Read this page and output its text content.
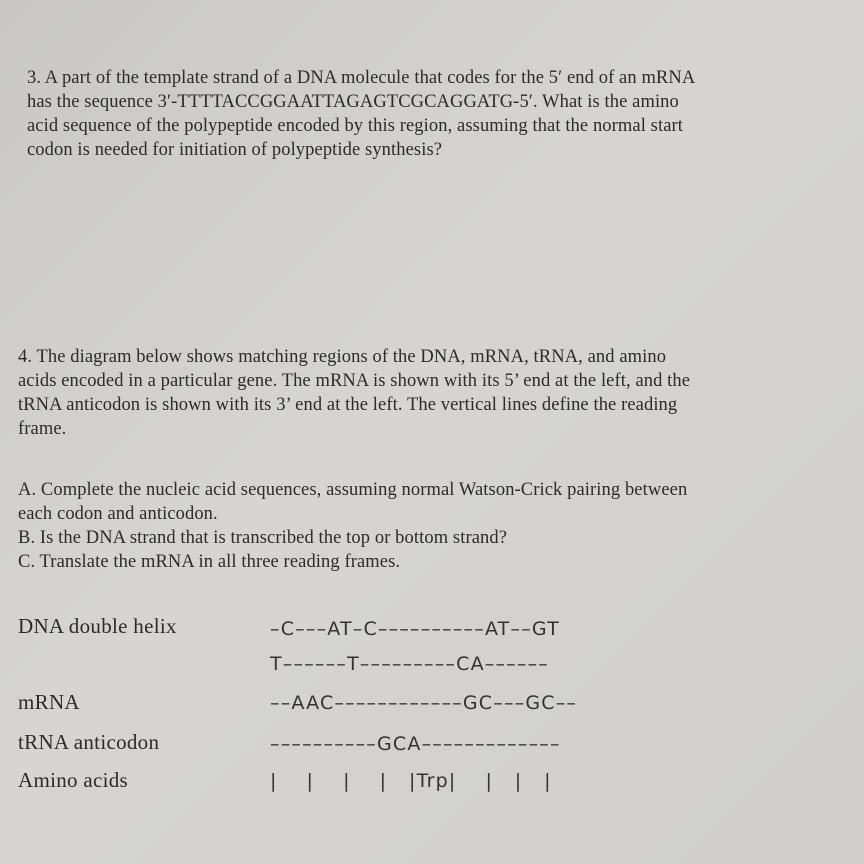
3. A part of the template strand of a DNA molecule that codes for the 5′ end of an mRNA
has the sequence 3′-TTTTACCGGAATTAGAGTCGCAGGATG-5′. What is the amino
acid sequence of the polypeptide encoded by this region, assuming that the normal start
codon is needed for initiation of polypeptide synthesis?

4. The diagram below shows matching regions of the DNA, mRNA, tRNA, and amino
acids encoded in a particular gene. The mRNA is shown with its 5’ end at the left, and the
tRNA anticodon is shown with its 3’ end at the left. The vertical lines define the reading
frame.

A. Complete the nucleic acid sequences, assuming normal Watson-Crick pairing between
each codon and anticodon.
B. Is the DNA strand that is transcribed the top or bottom strand?
C. Translate the mRNA in all three reading frames.

DNA double helix
mRNA
tRNA anticodon
Amino acids
–C–––AT–C––––––––––AT––GT
T––––––T–––––––––CA––––––
––AAC––––––––––––GC–––GC––
––––––––––GCA–––––––––––––
|    |    |    |   |Trp|    |   |   |
